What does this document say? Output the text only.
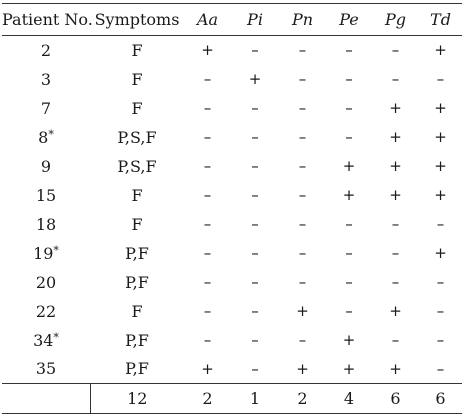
Patient No.	Symptoms	Aa	Pi	Pn	Pe	Pg	Td
2	F	+	–	–	–	–	+
3	F	–	+	–	–	–	–
7	F	–	–	–	–	+	+
8*	P,S,F	–	–	–	–	+	+
9	P,S,F	–	–	–	+	+	+
15	F	–	–	–	+	+	+
18	F	–	–	–	–	–	–
19*	P,F	–	–	–	–	–	+
20	P,F	–	–	–	–	–	–
22	F	–	–	+	–	+	–
34*	P,F	–	–	–	+	–	–
35	P,F	+	–	+	+	+	–
	12	2	1	2	4	6	6
